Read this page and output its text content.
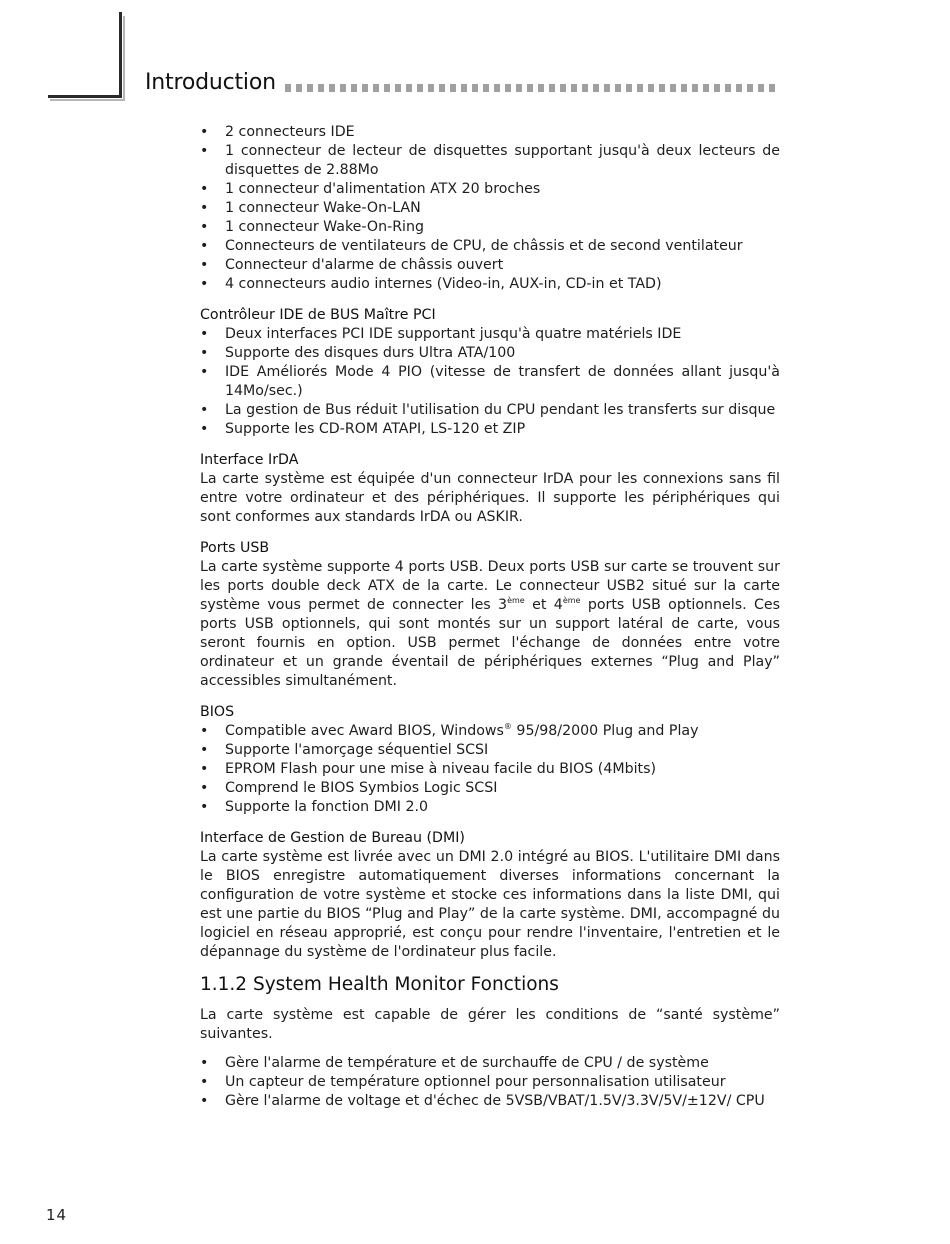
Introduction
• 2 connecteurs IDE
• 1 connecteur de lecteur de disquettes supportant jusqu'à deux lecteurs de disquettes de 2.88Mo
• 1 connecteur d'alimentation ATX 20 broches
• 1 connecteur Wake-On-LAN
• 1 connecteur Wake-On-Ring
• Connecteurs de ventilateurs de CPU, de châssis et de second ventilateur
• Connecteur d'alarme de châssis ouvert
• 4 connecteurs audio internes (Video-in, AUX-in, CD-in et TAD)
Contrôleur IDE de BUS Maître PCI
• Deux interfaces PCI IDE supportant jusqu'à quatre matériels IDE
• Supporte des disques durs Ultra ATA/100
• IDE Améliorés Mode 4 PIO (vitesse de transfert de données allant jusqu'à 14Mo/sec.)
• La gestion de Bus réduit l'utilisation du CPU pendant les transferts sur disque
• Supporte les CD-ROM ATAPI, LS-120 et ZIP
Interface IrDA

La carte système est équipée d'un connecteur IrDA pour les connexions sans fil entre votre ordinateur et des périphériques. Il supporte les périphériques qui sont conformes aux standards IrDA ou ASKIR.

Ports USB

La carte système supporte 4 ports USB. Deux ports USB sur carte se trouvent sur les ports double deck ATX de la carte. Le connecteur USB2 situé sur la carte système vous permet de connecter les 3ème et 4ème ports USB optionnels. Ces ports USB optionnels, qui sont montés sur un support latéral de carte, vous seront fournis en option. USB permet l'échange de données entre votre ordinateur et un grande éventail de périphériques externes “Plug and Play” accessibles simultanément.

BIOS
• Compatible avec Award BIOS, Windows® 95/98/2000 Plug and Play
• Supporte l'amorçage séquentiel SCSI
• EPROM Flash pour une mise à niveau facile du BIOS (4Mbits)
• Comprend le BIOS Symbios Logic SCSI
• Supporte la fonction DMI 2.0
Interface de Gestion de Bureau (DMI)

La carte système est livrée avec un DMI 2.0 intégré au BIOS. L'utilitaire DMI dans le BIOS enregistre automatiquement diverses informations concernant la configuration de votre système et stocke ces informations dans la liste DMI, qui est une partie du BIOS “Plug and Play” de la carte système. DMI, accompagné du logiciel en réseau approprié, est conçu pour rendre l'inventaire, l'entretien et le dépannage du système de l'ordinateur plus facile.

1.1.2 System Health Monitor Fonctions

La carte système est capable de gérer les conditions de “santé système” suivantes.

• Gère l'alarme de température et de surchauffe de CPU / de système
• Un capteur de température optionnel pour personnalisation utilisateur
• Gère l'alarme de voltage et d'échec de 5VSB/VBAT/1.5V/3.3V/5V/±12V/ CPU
14
